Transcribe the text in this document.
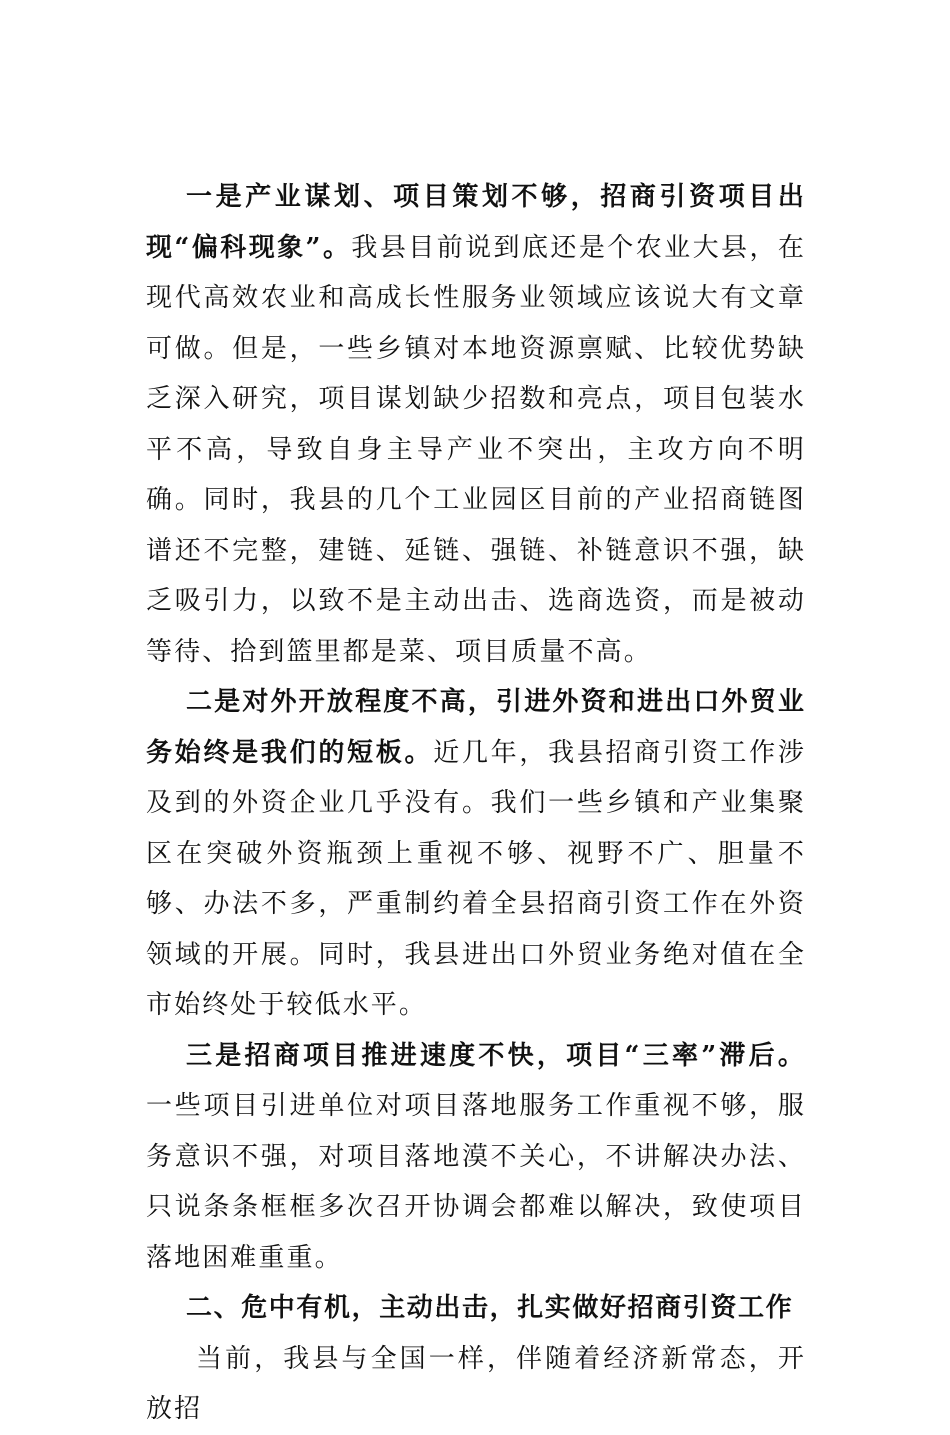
一是产业谋划、项目策划不够，招商引资项目出现“偏科现象”。我县目前说到底还是个农业大县，在现代高效农业和高成长性服务业领域应该说大有文章可做。但是，一些乡镇对本地资源禀赋、比较优势缺乏深入研究，项目谋划缺少招数和亮点，项目包装水平不高，导致自身主导产业不突出，主攻方向不明确。同时，我县的几个工业园区目前的产业招商链图谱还不完整，建链、延链、强链、补链意识不强，缺乏吸引力，以致不是主动出击、选商选资，而是被动等待、拾到篮里都是菜、项目质量不高。

二是对外开放程度不高，引进外资和进出口外贸业务始终是我们的短板。近几年，我县招商引资工作涉及到的外资企业几乎没有。我们一些乡镇和产业集聚区在突破外资瓶颈上重视不够、视野不广、胆量不够、办法不多，严重制约着全县招商引资工作在外资领域的开展。同时，我县进出口外贸业务绝对值在全市始终处于较低水平。

三是招商项目推进速度不快，项目“三率”滞后。一些项目引进单位对项目落地服务工作重视不够，服务意识不强，对项目落地漠不关心，不讲解决办法、只说条条框框多次召开协调会都难以解决，致使项目落地困难重重。

二、危中有机，主动出击，扎实做好招商引资工作

当前，我县与全国一样，伴随着经济新常态，开放招
